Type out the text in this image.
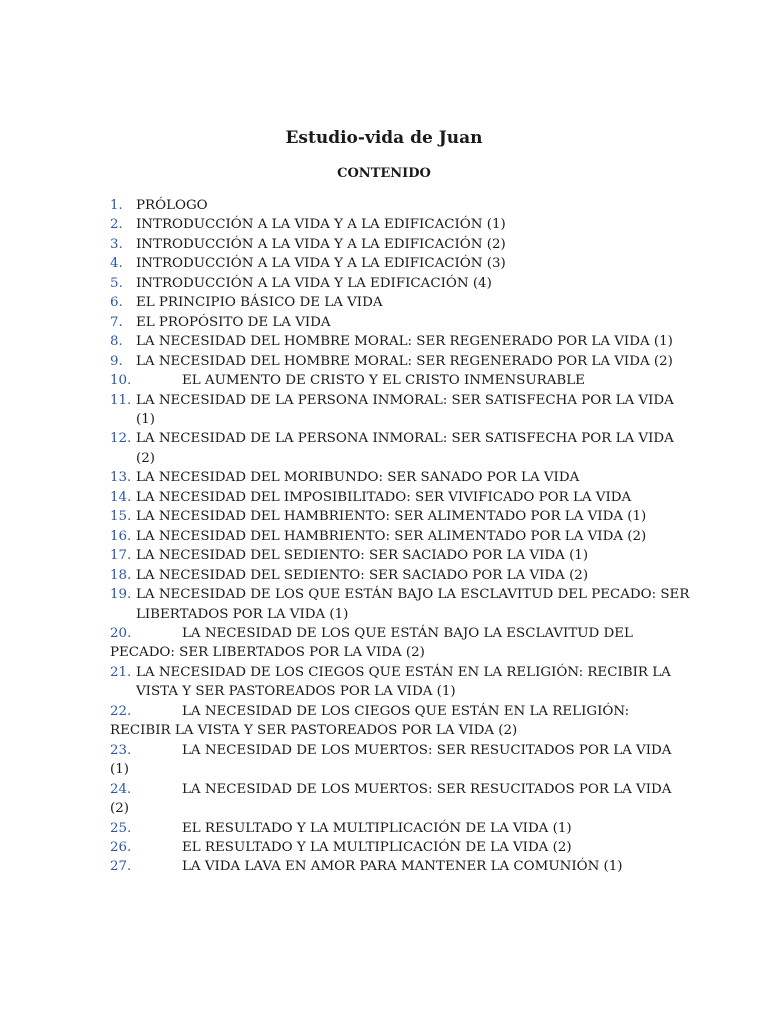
Estudio-vida de Juan
CONTENIDO
1. PRÓLOGO
2. INTRODUCCIÓN A LA VIDA Y A LA EDIFICACIÓN (1)
3. INTRODUCCIÓN A LA VIDA Y A LA EDIFICACIÓN (2)
4. INTRODUCCIÓN A LA VIDA Y A LA EDIFICACIÓN (3)
5. INTRODUCCIÓN A LA VIDA Y LA EDIFICACIÓN (4)
6. EL PRINCIPIO BÁSICO DE LA VIDA
7. EL PROPÓSITO DE LA VIDA
8. LA NECESIDAD DEL HOMBRE MORAL: SER REGENERADO POR LA VIDA (1)
9. LA NECESIDAD DEL HOMBRE MORAL: SER REGENERADO POR LA VIDA (2)
10.	EL AUMENTO DE CRISTO Y EL CRISTO INMENSURABLE
11. LA NECESIDAD DE LA PERSONA INMORAL: SER SATISFECHA POR LA VIDA (1)
12. LA NECESIDAD DE LA PERSONA INMORAL: SER SATISFECHA POR LA VIDA (2)
13. LA NECESIDAD DEL MORIBUNDO: SER SANADO POR LA VIDA
14. LA NECESIDAD DEL IMPOSIBILITADO: SER VIVIFICADO POR LA VIDA
15. LA NECESIDAD DEL HAMBRIENTO: SER ALIMENTADO POR LA VIDA (1)
16. LA NECESIDAD DEL HAMBRIENTO: SER ALIMENTADO POR LA VIDA (2)
17. LA NECESIDAD DEL SEDIENTO: SER SACIADO POR LA VIDA (1)
18. LA NECESIDAD DEL SEDIENTO: SER SACIADO POR LA VIDA (2)
19. LA NECESIDAD DE LOS QUE ESTÁN BAJO LA ESCLAVITUD DEL PECADO: SER LIBERTADOS POR LA VIDA (1)
20.	LA NECESIDAD DE LOS QUE ESTÁN BAJO LA ESCLAVITUD DEL PECADO: SER LIBERTADOS POR LA VIDA (2)
21. LA NECESIDAD DE LOS CIEGOS QUE ESTÁN EN LA RELIGIÓN: RECIBIR LA VISTA Y SER PASTOREADOS POR LA VIDA (1)
22.	LA NECESIDAD DE LOS CIEGOS QUE ESTÁN EN LA RELIGIÓN: RECIBIR LA VISTA Y SER PASTOREADOS POR LA VIDA (2)
23.	LA NECESIDAD DE LOS MUERTOS: SER RESUCITADOS POR LA VIDA (1)
24.	LA NECESIDAD DE LOS MUERTOS: SER RESUCITADOS POR LA VIDA (2)
25.	EL RESULTADO Y LA MULTIPLICACIÓN DE LA VIDA (1)
26.	EL RESULTADO Y LA MULTIPLICACIÓN DE LA VIDA (2)
27.	LA VIDA LAVA EN AMOR PARA MANTENER LA COMUNIÓN (1)
